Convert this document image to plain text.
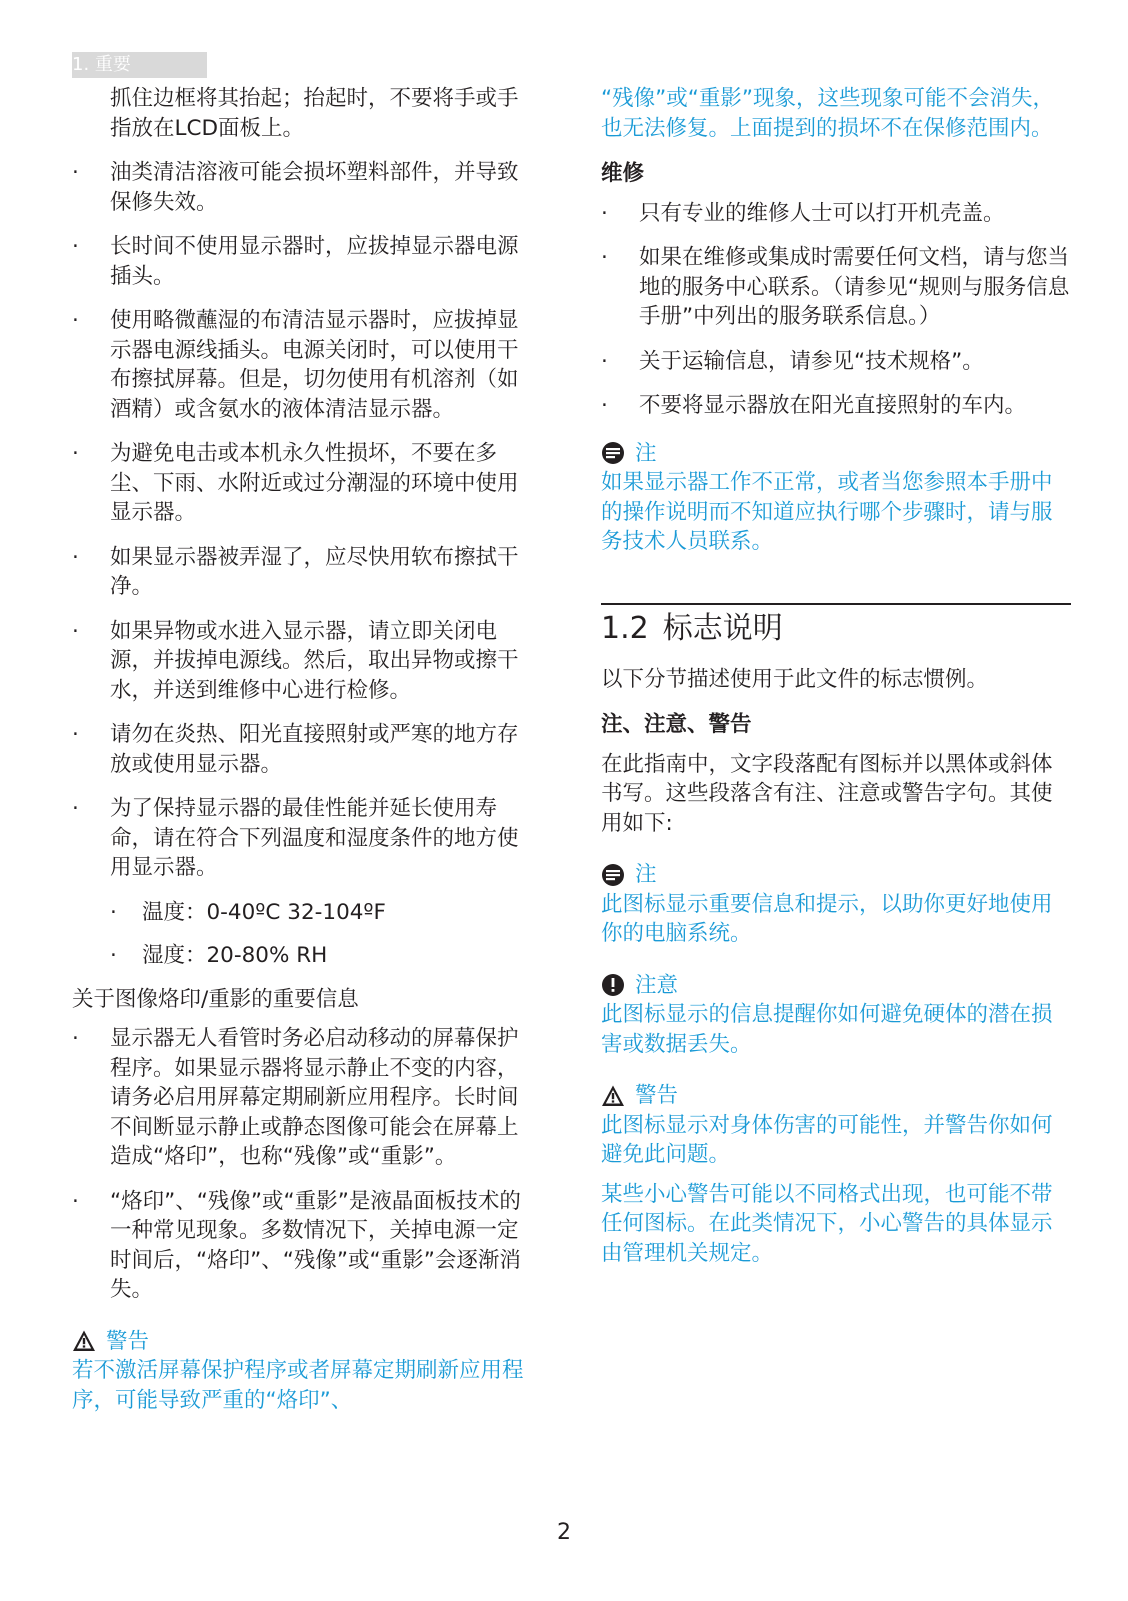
1. 重要
抓住边框将其抬起；抬起时，不要将手或手指放在LCD面板上。
·	油类清洁溶液可能会损坏塑料部件，并导致保修失效。
·	长时间不使用显示器时，应拔掉显示器电源插头。
·	使用略微蘸湿的布清洁显示器时，应拔掉显示器电源线插头。电源关闭时，可以使用干布擦拭屏幕。但是，切勿使用有机溶剂（如酒精）或含氨水的液体清洁显示器。
·	为避免电击或本机永久性损坏，不要在多尘、下雨、水附近或过分潮湿的环境中使用显示器。
·	如果显示器被弄湿了，应尽快用软布擦拭干净。
·	如果异物或水进入显示器，请立即关闭电源，并拔掉电源线。然后，取出异物或擦干水，并送到维修中心进行检修。
·	请勿在炎热、阳光直接照射或严寒的地方存放或使用显示器。
·	为了保持显示器的最佳性能并延长使用寿命，请在符合下列温度和湿度条件的地方使用显示器。
·	温度：0-40ºC 32-104ºF
·	湿度：20-80% RH
关于图像烙印/重影的重要信息
·	显示器无人看管时务必启动移动的屏幕保护程序。如果显示器将显示静止不变的内容，请务必启用屏幕定期刷新应用程序。长时间不间断显示静止或静态图像可能会在屏幕上造成“烙印”，也称“残像”或“重影”。
·	“烙印”、“残像”或“重影”是液晶面板技术的一种常见现象。多数情况下，关掉电源一定时间后，“烙印”、“残像”或“重影”会逐渐消失。
警告
若不激活屏幕保护程序或者屏幕定期刷新应用程序，可能导致严重的“烙印”、
“残像”或“重影”现象，这些现象可能不会消失，也无法修复。上面提到的损坏不在保修范围内。
维修
·	只有专业的维修人士可以打开机壳盖。
·	如果在维修或集成时需要任何文档，请与您当地的服务中心联系。（请参见“规则与服务信息手册”中列出的服务联系信息。）
·	关于运输信息，请参见“技术规格”。
·	不要将显示器放在阳光直接照射的车内。
注
如果显示器工作不正常，或者当您参照本手册中的操作说明而不知道应执行哪个步骤时，请与服务技术人员联系。
1.2 标志说明
以下分节描述使用于此文件的标志惯例。
注、注意、警告
在此指南中，文字段落配有图标并以黑体或斜体书写。这些段落含有注、注意或警告字句。其使用如下:
注
此图标显示重要信息和提示，以助你更好地使用你的电脑系统。
注意
此图标显示的信息提醒你如何避免硬体的潜在损害或数据丢失。
警告
此图标显示对身体伤害的可能性，并警告你如何避免此问题。
某些小心警告可能以不同格式出现，也可能不带任何图标。在此类情况下，小心警告的具体显示由管理机关规定。
2
